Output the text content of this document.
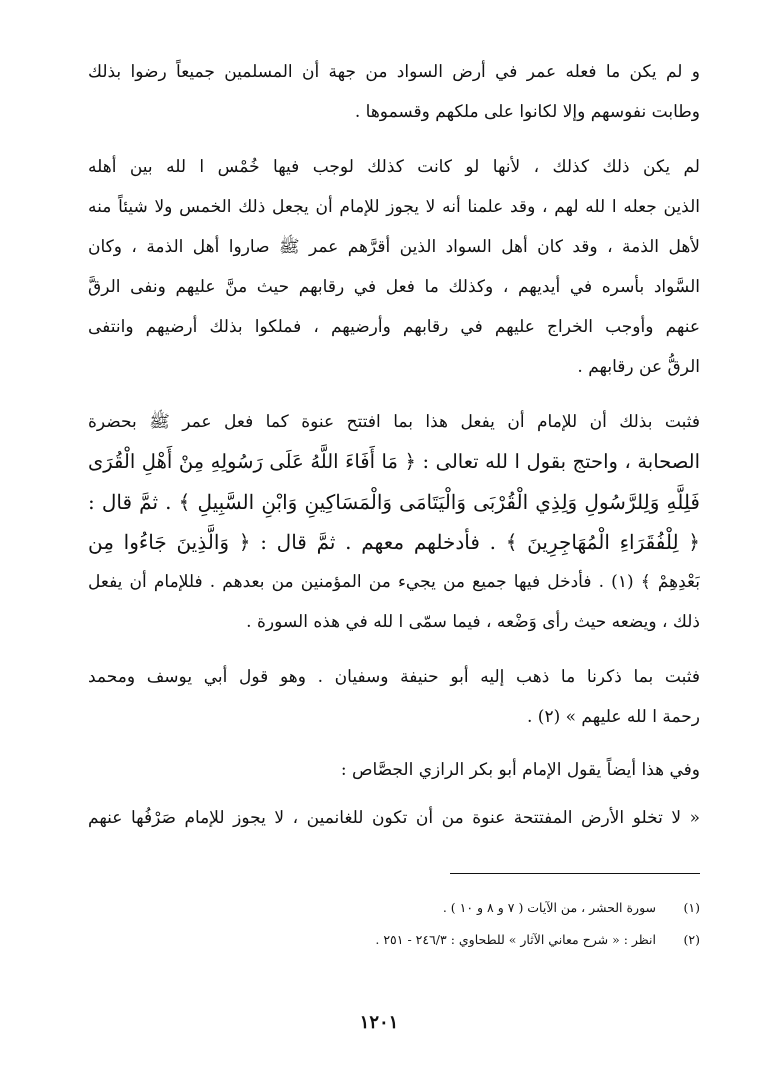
و لم يكن ما فعله عمر في أرض السواد من جهة أن المسلمين جميعاً رضوا بذلك
وطابت نفوسهم وإلا لكانوا على ملكهم وقسموها .
لم يكن ذلك كذلك ، لأنها لو كانت كذلك لوجب فيها خُمْس ا لله بين أهله
الذين جعله ا لله لهم ، وقد علمنا أنه لا يجوز للإمام أن يجعل ذلك الخمس ولا شيئاً منه
لأهل الذمة ، وقد كان أهل السواد الذين أقرَّهم عمر ﷺ صاروا أهل الذمة ، وكان
السَّواد بأسره في أيديهم ، وكذلك ما فعل في رقابهم حيث منَّ عليهم ونفى الرقَّ
عنهم وأوجب الخراج عليهم في رقابهم وأرضيهم ، فملكوا بذلك أرضيهم وانتفى
الرقُّ عن رقابهم .
فثبت بذلك أن للإمام أن يفعل هذا بما افتتح عنوة كما فعل عمر ﷺ بحضرة
الصحابة ، واحتج بقول ا لله تعالى : ﴿ مَا أَفَاءَ اللَّهُ عَلَى رَسُولِهِ مِنْ أَهْلِ الْقُرَى
فَلِلَّهِ وَلِلرَّسُولِ وَلِذِي الْقُرْبَى وَالْيَتَامَى وَالْمَسَاكِينِ وَابْنِ السَّبِيلِ ﴾ . ثمَّ قال :
﴿ لِلْفُقَرَاءِ الْمُهَاجِرِينَ ﴾ . فأدخلهم معهم . ثمَّ قال : ﴿ وَالَّذِينَ جَاءُوا مِن
بَعْدِهِمْ ﴾ (١) . فأدخل فيها جميع من يجيء من المؤمنين من بعدهم . فللإمام أن يفعل
ذلك ، ويضعه حيث رأى وَضْعه ، فيما سمّى ا لله في هذه السورة .
فثبت بما ذكرنا ما ذهب إليه أبو حنيفة وسفيان . وهو قول أبي يوسف ومحمد
رحمة ا لله عليهم » (٢) .
وفي هذا أيضاً يقول الإمام أبو بكر الرازي الجصَّاص :
« لا تخلو الأرض المفتتحة عنوة من أن تكون للغانمين ، لا يجوز للإمام صَرْفُها عنهم
(١) سورة الحشر ، من الآيات ( ٧ و ٨ و ١٠ ) .
(٢) انظر : « شرح معاني الآثار » للطحاوي : ٢٤٦/٣ - ٢٥١ .
١٢٠١
